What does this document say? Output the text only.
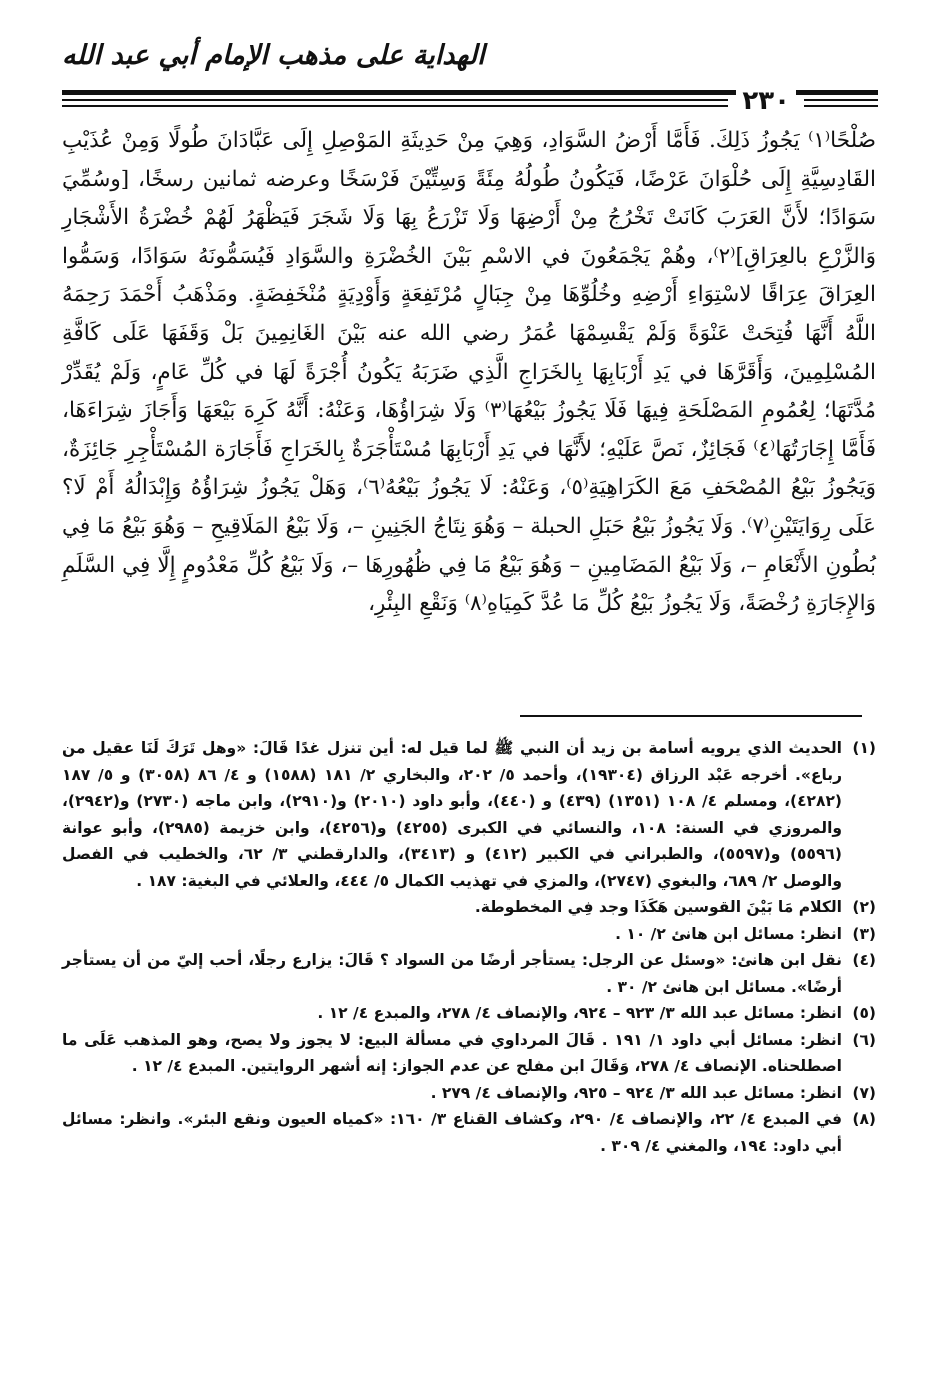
الهداية على مذهب الإمام أبي عبد الله
٢٣٠

صُلْحًا⁽١⁾ يَجُوزُ ذَلِكَ. فَأَمَّا أَرْضُ السَّوَادِ، وَهِيَ مِنْ حَدِيثَةِ المَوْصِلِ إِلَى عَبَّادَانَ طُولًا وَمِنْ عُذَيْبِ القَادِسِيَّةِ إِلَى حُلْوَانَ عَرْضًا، فَيَكُونُ طُولُهُ مِئَةً وَسِتِّيْنَ فَرْسَخًا وعرضه ثمانين رسخًا، [وسُمِّيَ سَوَادًا؛ لأَنَّ العَرَبَ كَانَتْ تَخْرُجُ مِنْ أَرْضِهَا وَلَا تَزْرَعُ بِهَا وَلَا شَجَرَ فَيَظْهَرُ لَهُمْ خُضْرَةُ الأَشْجَارِ وَالزَّرْعِ بالعِرَاقِ]⁽٢⁾، وهُمْ يَجْمَعُونَ في الاسْمِ بَيْنَ الخُضْرَةِ والسَّوَادِ فَيُسَمُّونَهُ سَوَادًا، وَسَمُّوا العِرَاقَ عِرَاقًا لاسْتِوَاءِ أَرْضِهِ وخُلُوِّهَا مِنْ جِبَالٍ مُرْتَفِعَةٍ وَأَوْدِيَةٍ مُنْخَفِضَةٍ. ومَذْهَبُ أَحْمَدَ رَحِمَهُ اللَّهُ أَنَّهَا فُتِحَتْ عَنْوَةً وَلَمْ يَقْسِمْهَا عُمَرُ رضي الله عنه بَيْنَ الغَانِمِينَ بَلْ وَقَفَهَا عَلَى كَافَّةِ المُسْلِمِينَ، وَأَقَرَّهَا في يَدِ أَرْبَابِهَا بِالخَرَاجِ الَّذِي ضَرَبَهُ يَكُونُ أُجْرَةً لَهَا في كُلِّ عَامٍ، وَلَمْ يُقَدِّرْ مُدَّتَهَا؛ لِعُمُومِ المَصْلَحَةِ فِيهَا فَلَا يَجُوزُ بَيْعُهَا⁽٣⁾ وَلَا شِرَاؤُهَا، وَعَنْهُ: أَنَّهُ كَرِهَ بَيْعَهَا وَأَجَازَ شِرَاءَهَا، فَأَمَّا إِجَارَتُهَا⁽٤⁾ فَجَائِزٌ، نَصَّ عَلَيْهِ؛ لأَنَّهَا في يَدِ أَرْبَابِهَا مُسْتَأْجَرَةٌ بِالخَرَاجِ فَأَجَارَة المُسْتَأْجِرِ جَائِزَةٌ، وَيَجُوزُ بَيْعُ المُصْحَفِ مَعَ الكَرَاهِيَةِ⁽٥⁾، وَعَنْهُ: لَا يَجُوزُ بَيْعُهُ⁽٦⁾، وَهَلْ يَجُوزُ شِرَاؤُهُ وَإِبْدَالُهُ أَمْ لَا؟ عَلَى رِوَايَتَيْنِ⁽٧⁾. وَلَا يَجُوزُ بَيْعُ حَبَلِ الحبلة – وَهُوَ نِتَاجُ الجَنِينِ –، وَلَا بَيْعُ المَلَاقِيحِ – وَهُوَ بَيْعُ مَا فِي بُطُونِ الأَنْعَامِ –، وَلَا بَيْعُ المَضَامِينِ – وَهُوَ بَيْعُ مَا فِي ظُهُورِهَا –، وَلَا بَيْعُ كُلِّ مَعْدُومٍ إِلَّا فِي السَّلَمِ وَالإِجَارَةِ رُخْصَةً، وَلَا يَجُوزُ بَيْعُ كُلِّ مَا عُدَّ كَمِيَاهِ⁽٨⁾ وَنَقْعِ البِئْرِ،

(١)
الحديث الذي يرويه أسامة بن زيد أن النبي ﷺ لما قيل له: أين تنزل غدًا قَالَ: «وهل تَرَكَ لَنَا عقيل من رباع». أخرجه عَبْد الرزاق (١٩٣٠٤)، وأحمد ٥/ ٢٠٢، والبخاري ٢/ ١٨١ (١٥٨٨) و ٤/ ٨٦ (٣٠٥٨) و ٥/ ١٨٧ (٤٢٨٢)، ومسلم ٤/ ١٠٨ (١٣٥١) (٤٣٩) و (٤٤٠)، وأبو داود (٢٠١٠) و(٢٩١٠)، وابن ماجه (٢٧٣٠) و(٢٩٤٢)، والمروزي في السنة: ١٠٨، والنسائي في الكبرى (٤٢٥٥) و(٤٢٥٦)، وابن خزيمة (٢٩٨٥)، وأبو عوانة (٥٥٩٦) و(٥٥٩٧)، والطبراني في الكبير (٤١٢) و (٣٤١٣)، والدارقطني ٣/ ٦٢، والخطيب في الفصل والوصل ٢/ ٦٨٩، والبغوي (٢٧٤٧)، والمزي في تهذيب الكمال ٥/ ٤٤٤، والعلائي في البغية: ١٨٧ .
(٢)
الكلام مَا بَيْنَ القوسين هَكَذَا وجد فِي المخطوطة.
(٣)
انظر: مسائل ابن هانئ ٢/ ١٠ .
(٤)
نقل ابن هانئ: «وسئل عن الرجل: يستأجر أرضًا من السواد ؟ قَالَ: يزارع رجلًا، أحب إليّ من أن يستأجر أرضًا». مسائل ابن هانئ ٢/ ٣٠ .
(٥)
انظر: مسائل عبد الله ٣/ ٩٢٣ – ٩٢٤، والإنصاف ٤/ ٢٧٨، والمبدع ٤/ ١٢ .
(٦)
انظر: مسائل أبي داود ١/ ١٩١ . قَالَ المرداوي في مسألة البيع: لا يجوز ولا يصح، وهو المذهب عَلَى ما اصطلحناه. الإنصاف ٤/ ٢٧٨، وَقَالَ ابن مفلح عن عدم الجواز: إنه أشهر الروايتين. المبدع ٤/ ١٢ .
(٧)
انظر: مسائل عبد الله ٣/ ٩٢٤ – ٩٢٥، والإنصاف ٤/ ٢٧٩ .
(٨)
في المبدع ٤/ ٢٢، والإنصاف ٤/ ٢٩٠، وكشاف القناع ٣/ ١٦٠: «كمياه العيون ونقع البئر». وانظر: مسائل أبي داود: ١٩٤، والمغني ٤/ ٣٠٩ .
